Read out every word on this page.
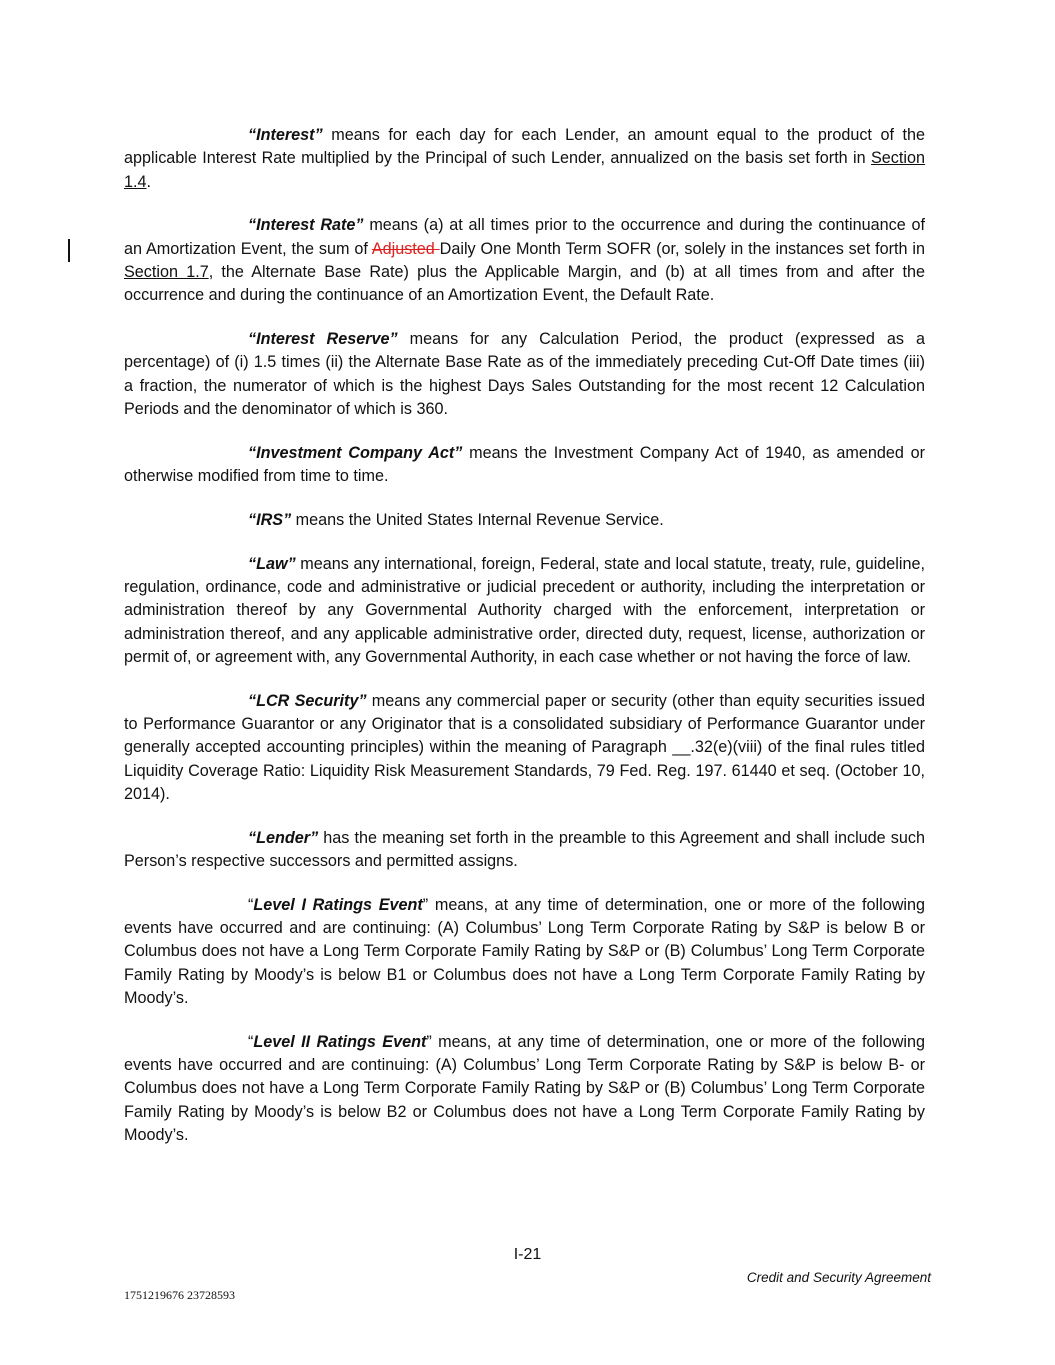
“Interest” means for each day for each Lender, an amount equal to the product of the applicable Interest Rate multiplied by the Principal of such Lender, annualized on the basis set forth in Section 1.4.

“Interest Rate” means (a) at all times prior to the occurrence and during the continuance of an Amortization Event, the sum of Adjusted Daily One Month Term SOFR (or, solely in the instances set forth in Section 1.7, the Alternate Base Rate) plus the Applicable Margin, and (b) at all times from and after the occurrence and during the continuance of an Amortization Event, the Default Rate.

“Interest Reserve” means for any Calculation Period, the product (expressed as a percentage) of (i) 1.5 times (ii) the Alternate Base Rate as of the immediately preceding Cut-Off Date times (iii) a fraction, the numerator of which is the highest Days Sales Outstanding for the most recent 12 Calculation Periods and the denominator of which is 360.

“Investment Company Act” means the Investment Company Act of 1940, as amended or otherwise modified from time to time.

“IRS” means the United States Internal Revenue Service.

“Law” means any international, foreign, Federal, state and local statute, treaty, rule, guideline, regulation, ordinance, code and administrative or judicial precedent or authority, including the interpretation or administration thereof by any Governmental Authority charged with the enforcement, interpretation or administration thereof, and any applicable administrative order, directed duty, request, license, authorization or permit of, or agreement with, any Governmental Authority, in each case whether or not having the force of law.

“LCR Security” means any commercial paper or security (other than equity securities issued to Performance Guarantor or any Originator that is a consolidated subsidiary of Performance Guarantor under generally accepted accounting principles) within the meaning of Paragraph __.32(e)(viii) of the final rules titled Liquidity Coverage Ratio: Liquidity Risk Measurement Standards, 79 Fed. Reg. 197. 61440 et seq. (October 10, 2014).

“Lender” has the meaning set forth in the preamble to this Agreement and shall include such Person’s respective successors and permitted assigns.

“Level I Ratings Event” means, at any time of determination, one or more of the following events have occurred and are continuing: (A) Columbus’ Long Term Corporate Rating by S&P is below B or Columbus does not have a Long Term Corporate Family Rating by S&P or (B) Columbus’ Long Term Corporate Family Rating by Moody’s is below B1 or Columbus does not have a Long Term Corporate Family Rating by Moody’s.

“Level II Ratings Event” means, at any time of determination, one or more of the following events have occurred and are continuing: (A) Columbus’ Long Term Corporate Rating by S&P is below B- or Columbus does not have a Long Term Corporate Family Rating by S&P or (B) Columbus’ Long Term Corporate Family Rating by Moody’s is below B2 or Columbus does not have a Long Term Corporate Family Rating by Moody’s.

I-21
Credit and Security Agreement
1751219676 23728593
